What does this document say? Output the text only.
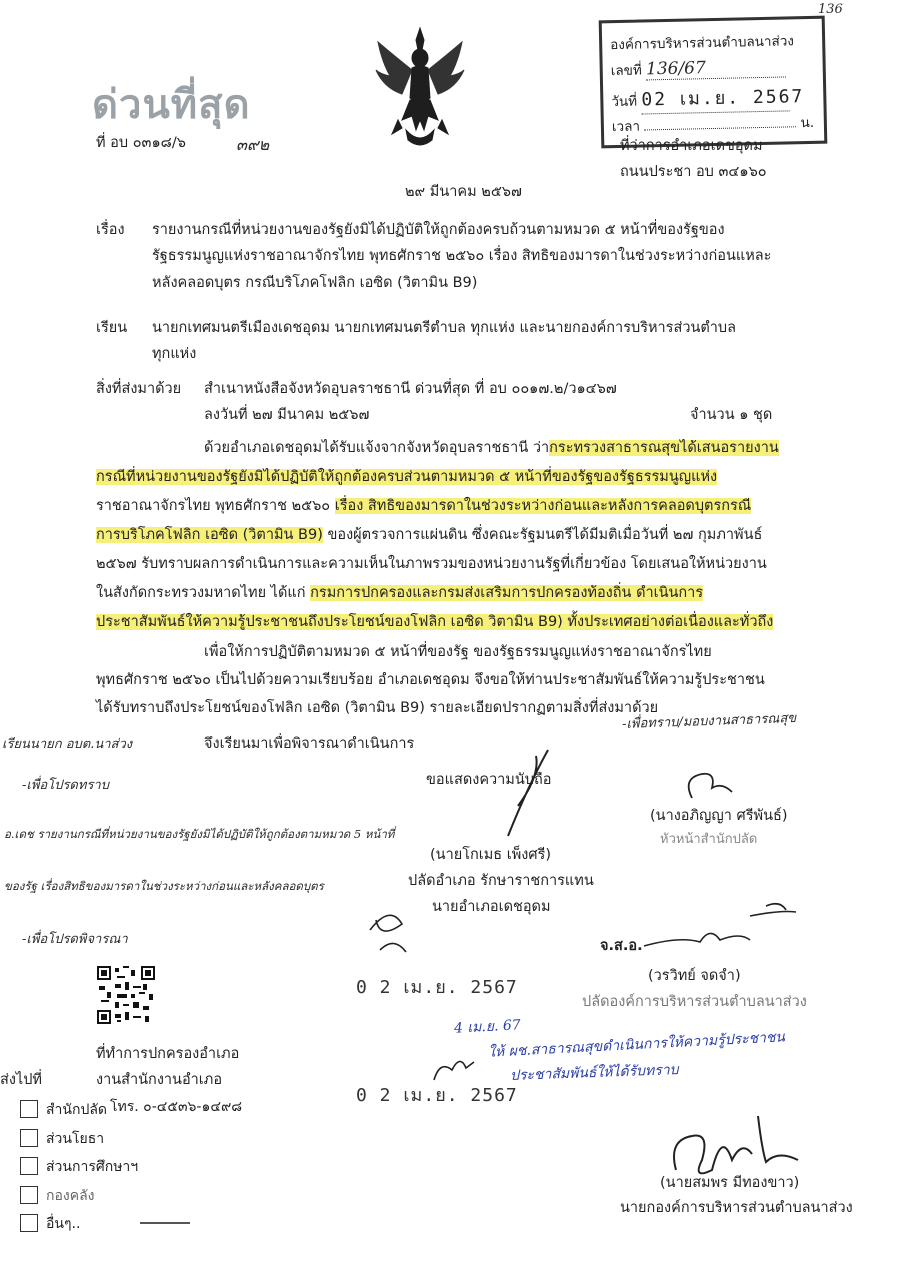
136
ด่วนที่สุด
ที่ อบ ๐๓๑๘/๖	๓๙๒
องค์การบริหารส่วนตำบลนาส่วง
เลขที่ 136/67
วันที่ 02 เม.ย. 2567
เวลา	น.
ที่ว่าการอำเภอเดชอุดม
ถนนประชา อบ ๓๔๑๖๐
๒๙ มีนาคม ๒๕๖๗
เรื่อง รายงานกรณีที่หน่วยงานของรัฐยังมิได้ปฏิบัติให้ถูกต้องครบถ้วนตามหมวด ๕ หน้าที่ของรัฐของ
รัฐธรรมนูญแห่งราชอาณาจักรไทย พุทธศักราช ๒๕๖๐ เรื่อง สิทธิของมารดาในช่วงระหว่างก่อนแหละ
หลังคลอดบุตร กรณีบริโภคโฟลิก เอซิด (วิตามิน B9)
เรียน นายกเทศมนตรีเมืองเดชอุดม นายกเทศมนตรีตำบล ทุกแห่ง และนายกองค์การบริหารส่วนตำบล
ทุกแห่ง
สิ่งที่ส่งมาด้วย สำเนาหนังสือจังหวัดอุบลราชธานี ด่วนที่สุด ที่ อบ ๐๐๑๗.๒/ว๑๔๖๗
ลงวันที่ ๒๗ มีนาคม ๒๕๖๗	จำนวน ๑ ชุด
ด้วยอำเภอเดชอุดมได้รับแจ้งจากจังหวัดอุบลราชธานี ว่ากระทรวงสาธารณสุขได้เสนอรายงาน
กรณีที่หน่วยงานของรัฐยังมิได้ปฏิบัติให้ถูกต้องครบส่วนตามหมวด ๕ หน้าที่ของรัฐของรัฐธรรมนูญแห่ง
ราชอาณาจักรไทย พุทธศักราช ๒๕๖๐ เรื่อง สิทธิของมารดาในช่วงระหว่างก่อนและหลังการคลอดบุตรกรณี
การบริโภคโฟลิก เอซิด (วิตามิน B9) ของผู้ตรวจการแผ่นดิน ซึ่งคณะรัฐมนตรีได้มีมติเมื่อวันที่ ๒๗ กุมภาพันธ์
๒๕๖๗ รับทราบผลการดำเนินการและความเห็นในภาพรวมของหน่วยงานรัฐที่เกี่ยวข้อง โดยเสนอให้หน่วยงาน
ในสังกัดกระทรวงมหาดไทย ได้แก่ กรมการปกครองและกรมส่งเสริมการปกครองท้องถิ่น ดำเนินการ
ประชาสัมพันธ์ให้ความรู้ประชาชนถึงประโยชน์ของโฟลิก เอซิด วิตามิน B9) ทั้งประเทศอย่างต่อเนื่องและทั่วถึง
เพื่อให้การปฏิบัติตามหมวด ๕ หน้าที่ของรัฐ ของรัฐธรรมนูญแห่งราชอาณาจักรไทย
พุทธศักราช ๒๕๖๐ เป็นไปด้วยความเรียบร้อย อำเภอเดชอุดม จึงขอให้ท่านประชาสัมพันธ์ให้ความรู้ประชาชน
ได้รับทราบถึงประโยชน์ของโฟลิก เอซิด (วิตามิน B9) รายละเอียดปรากฏตามสิ่งที่ส่งมาด้วย
-เพื่อทราบ/มอบงานสาธารณสุข
จึงเรียนมาเพื่อพิจารณาดำเนินการ
เรียนนายก อบต.นาส่วง
-เพื่อโปรดทราบ
อ.เดช รายงานกรณีที่หน่วยงานของรัฐยังมิได้ปฏิบัติให้ถูกต้องตามหมวด 5 หน้าที่
ของรัฐ เรื่องสิทธิของมารดาในช่วงระหว่างก่อนและหลังคลอดบุตร
-เพื่อโปรดพิจารณา
ขอแสดงความนับถือ
(นายโกเมธ เพ็งศรี)
ปลัดอำเภอ รักษาราชการแทน
นายอำเภอเดชอุดม
(นางอภิญญา ศรีพันธ์)
หัวหน้าสำนักปลัด
0 2 เม.ย. 2567
จ.ส.อ.
(วรวิทย์ จดจำ)
ปลัดองค์การบริหารส่วนตำบลนาส่วง
4 เม.ย. 67
ให้ ผช.สาธารณสุขดำเนินการให้ความรู้ประชาชน
ประชาสัมพันธ์ให้ได้รับทราบ
ที่ทำการปกครองอำเภอ
งานสำนักงานอำเภอ
ส่งไปที่
0 2 เม.ย. 2567
สำนักปลัด โทร. ๐-๔๕๓๖-๑๔๙๘
ส่วนโยธา
ส่วนการศึกษาฯ
กองคลัง
อื่นๆ..
(นายสมพร มีทองขาว)
นายกองค์การบริหารส่วนตำบลนาส่วง
